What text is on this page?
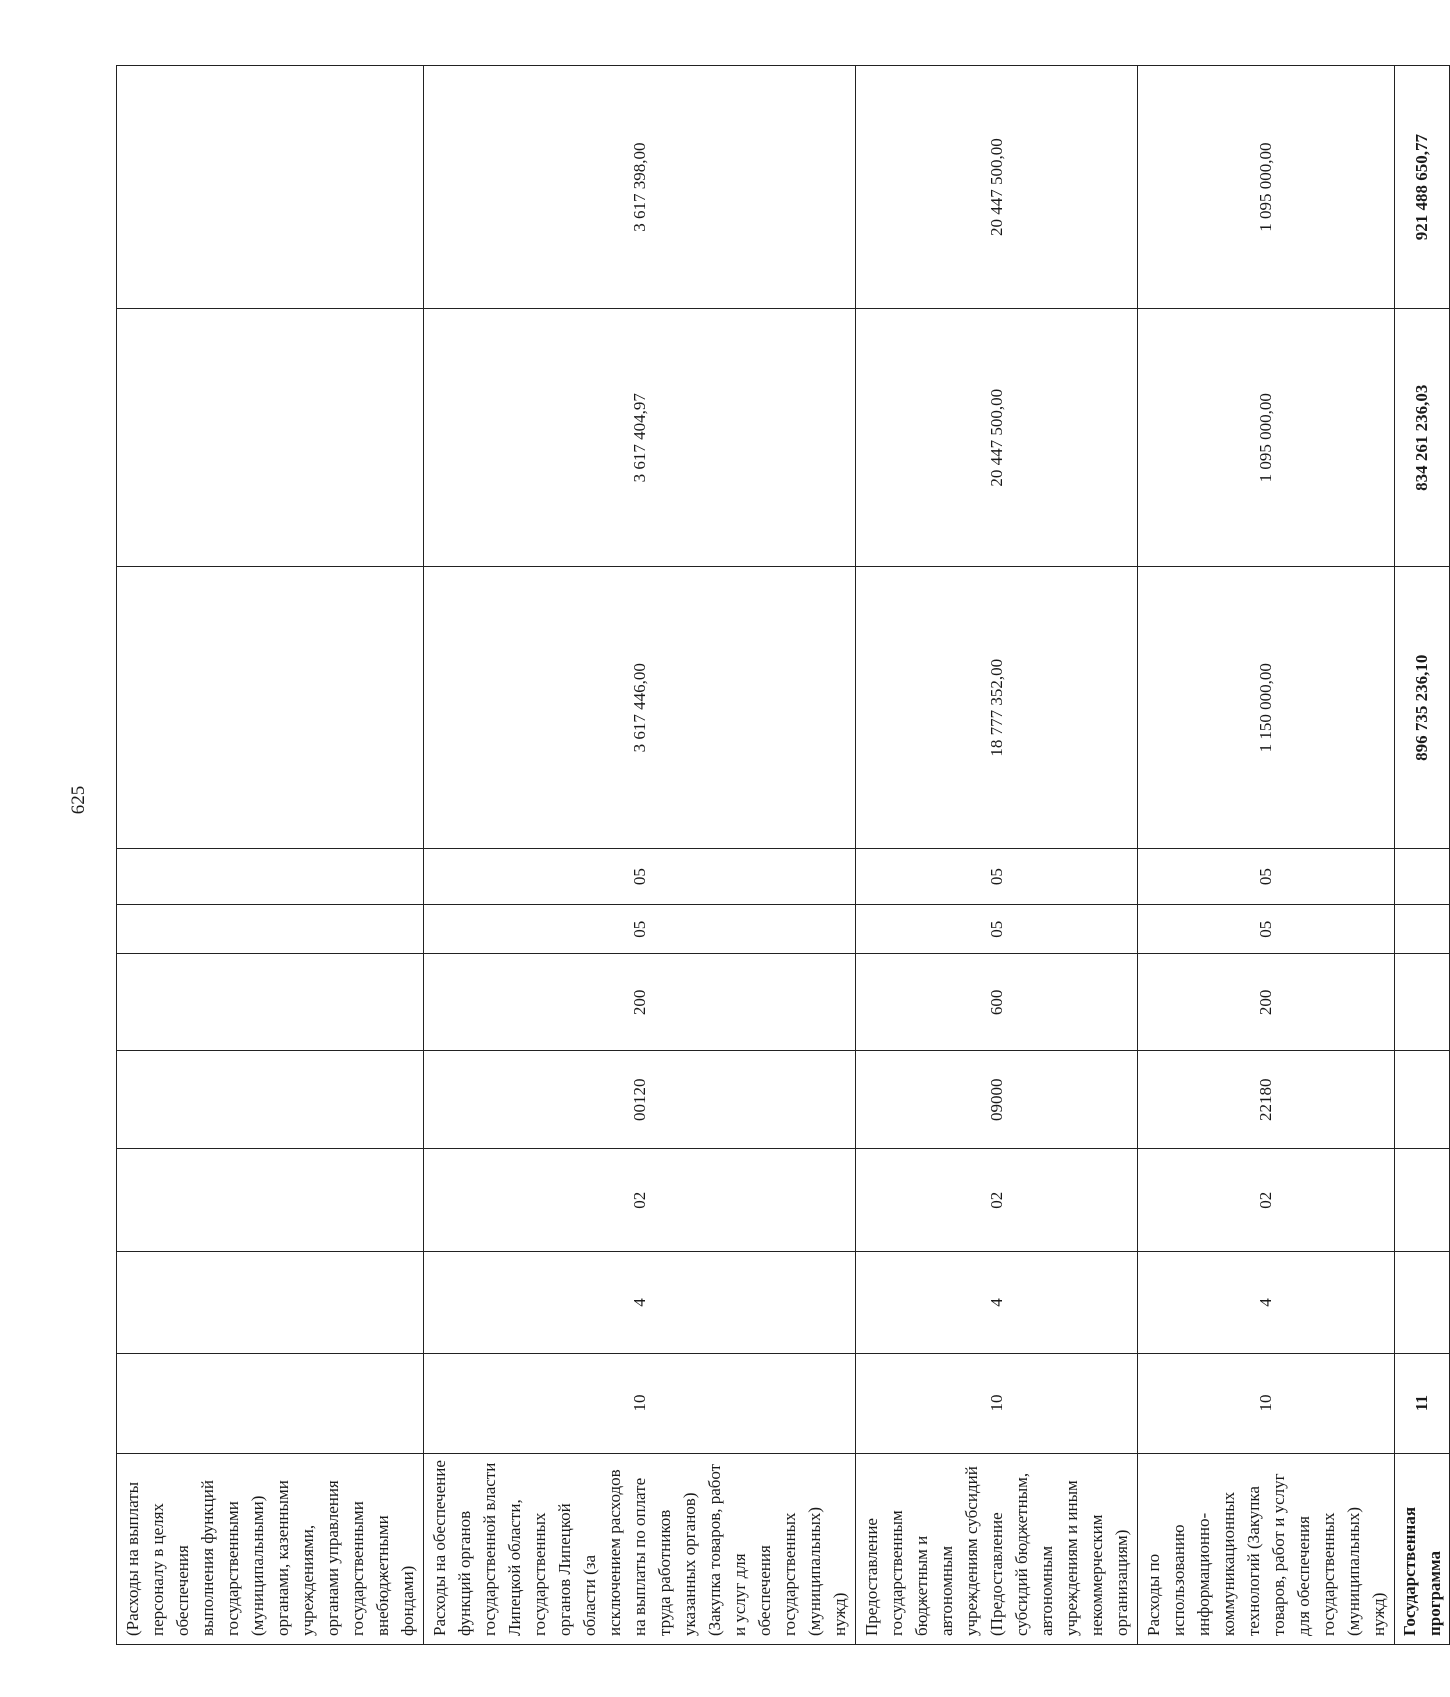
625
(Расходы на выплаты персоналу в целях обеспечения выполнения функций государственными (муниципальными) органами, казенными учреждениями, органами управления государственными внебюджетными фондами)										
Расходы на обеспечение функций органов государственной власти Липецкой области, государственных органов Липецкой области (за исключением расходов на выплаты по оплате труда работников указанных органов) (Закупка товаров, работ и услуг для обеспечения государственных (муниципальных) нужд)	10	4	02	00120	200	05	05	3 617 446,00	3 617 404,97	3 617 398,00
Предоставление государственным бюджетным и автономным учреждениям субсидий (Предоставление субсидий бюджетным, автономным учреждениям и иным некоммерческим организациям)	10	4	02	09000	600	05	05	18 777 352,00	20 447 500,00	20 447 500,00
Расходы по использованию информационно-коммуникационных технологий (Закупка товаров, работ и услуг для обеспечения государственных (муниципальных) нужд)	10	4	02	22180	200	05	05	1 150 000,00	1 095 000,00	1 095 000,00
Государственная программа	11							896 735 236,10	834 261 236,03	921 488 650,77
